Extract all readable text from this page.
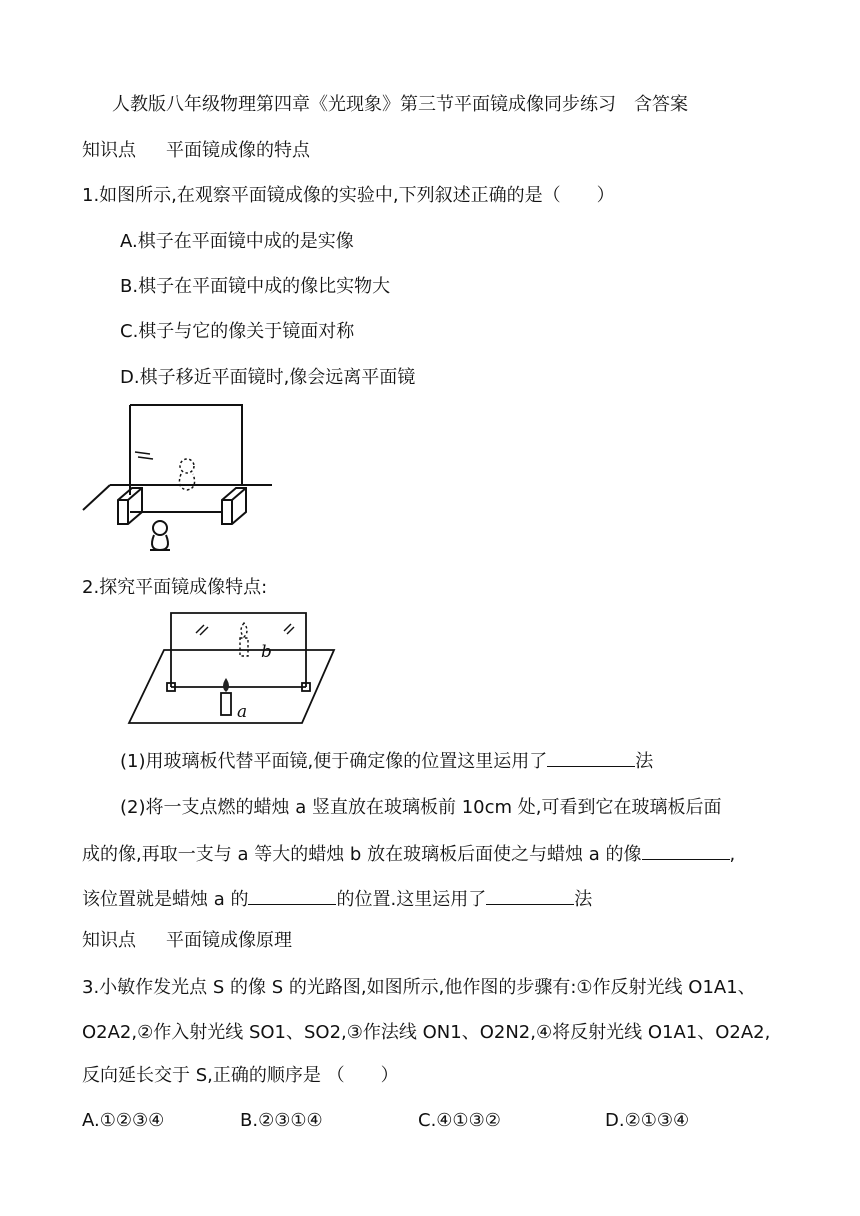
人教版八年级物理第四章《光现象》第三节平面镜成像同步练习　含答案
知识点 平面镜成像的特点
1.如图所示,在观察平面镜成像的实验中,下列叙述正确的是（　　）
A.棋子在平面镜中成的是实像
B.棋子在平面镜中成的像比实物大
C.棋子与它的像关于镜面对称
D.棋子移近平面镜时,像会远离平面镜
2.探究平面镜成像特点:
b
a
(1)用玻璃板代替平面镜,便于确定像的位置这里运用了	法
(2)将一支点燃的蜡烛 a 竖直放在玻璃板前 10cm 处,可看到它在玻璃板后面
成的像,再取一支与 a 等大的蜡烛 b 放在玻璃板后面使之与蜡烛 a 的像	,
该位置就是蜡烛 a 的	的位置.这里运用了	法
知识点 平面镜成像原理
3.小敏作发光点 S 的像 S 的光路图,如图所示,他作图的步骤有:①作反射光线 O1A1、
O2A2,②作入射光线 SO1、SO2,③作法线 ON1、O2N2,④将反射光线 O1A1、O2A2,
反向延长交于 S,正确的顺序是 （　　）
A.①②③④	B.②③①④	C.④①③②	D.②①③④
